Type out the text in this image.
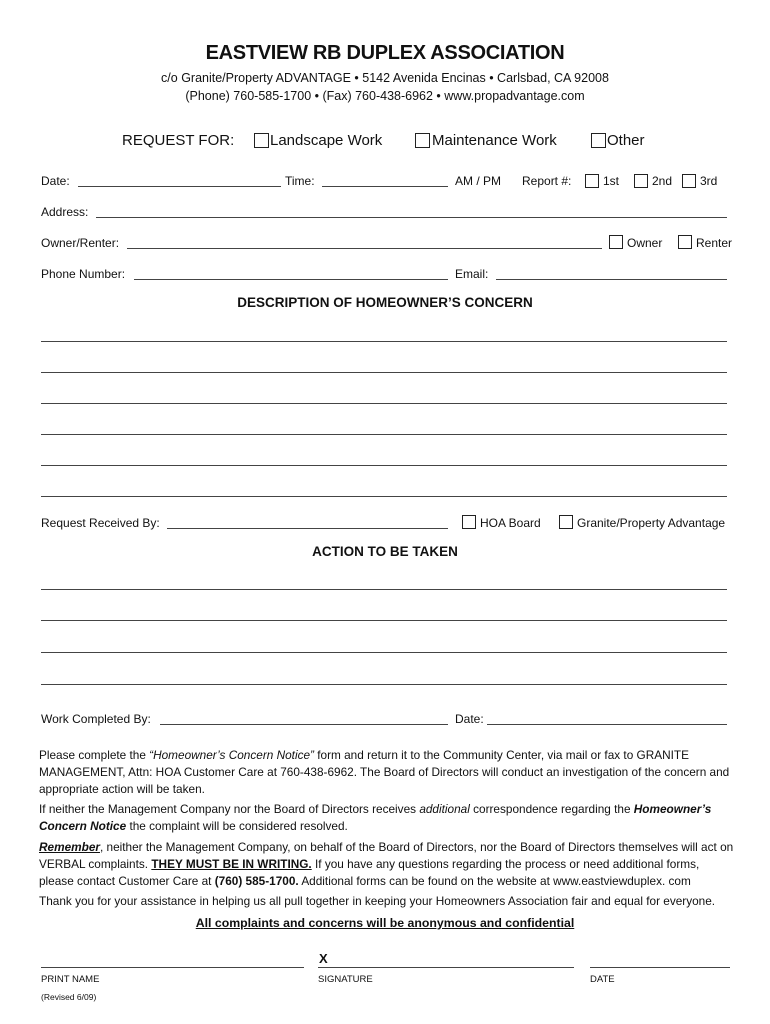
EASTVIEW RB DUPLEX ASSOCIATION
c/o Granite/Property ADVANTAGE • 5142 Avenida Encinas • Carlsbad, CA 92008
(Phone) 760-585-1700 • (Fax) 760-438-6962 • www.propadvantage.com
REQUEST FOR: Landscape Work	Maintenance Work	Other
Date:	Time:	AM / PM Report #:	1st	2nd 3rd
Address:
Owner/Renter:	Owner	Renter
Phone Number:	Email:
DESCRIPTION OF HOMEOWNER’S CONCERN
Request Received By:	HOA Board	Granite/Property Advantage
ACTION TO BE TAKEN
Work Completed By:	Date:

Please complete the “Homeowner’s Concern Notice” form and return it to the Community Center, via mail or fax to GRANITE MANAGEMENT, Attn: HOA Customer Care at 760-438-6962. The Board of Directors will conduct an investigation of the concern and appropriate action will be taken.

If neither the Management Company nor the Board of Directors receives additional correspondence regarding the Homeowner’s Concern Notice the complaint will be considered resolved.

Remember, neither the Management Company, on behalf of the Board of Directors, nor the Board of Directors themselves will act on VERBAL complaints. THEY MUST BE IN WRITING. If you have any questions regarding the process or need additional forms, please contact Customer Care at (760) 585-1700. Additional forms can be found on the website at www.eastviewduplex. com

Thank you for your assistance in helping us all pull together in keeping your Homeowners Association fair and equal for everyone.

All complaints and concerns will be anonymous and confidential
X
PRINT NAME	SIGNATURE	DATE
(Revised 6/09)
